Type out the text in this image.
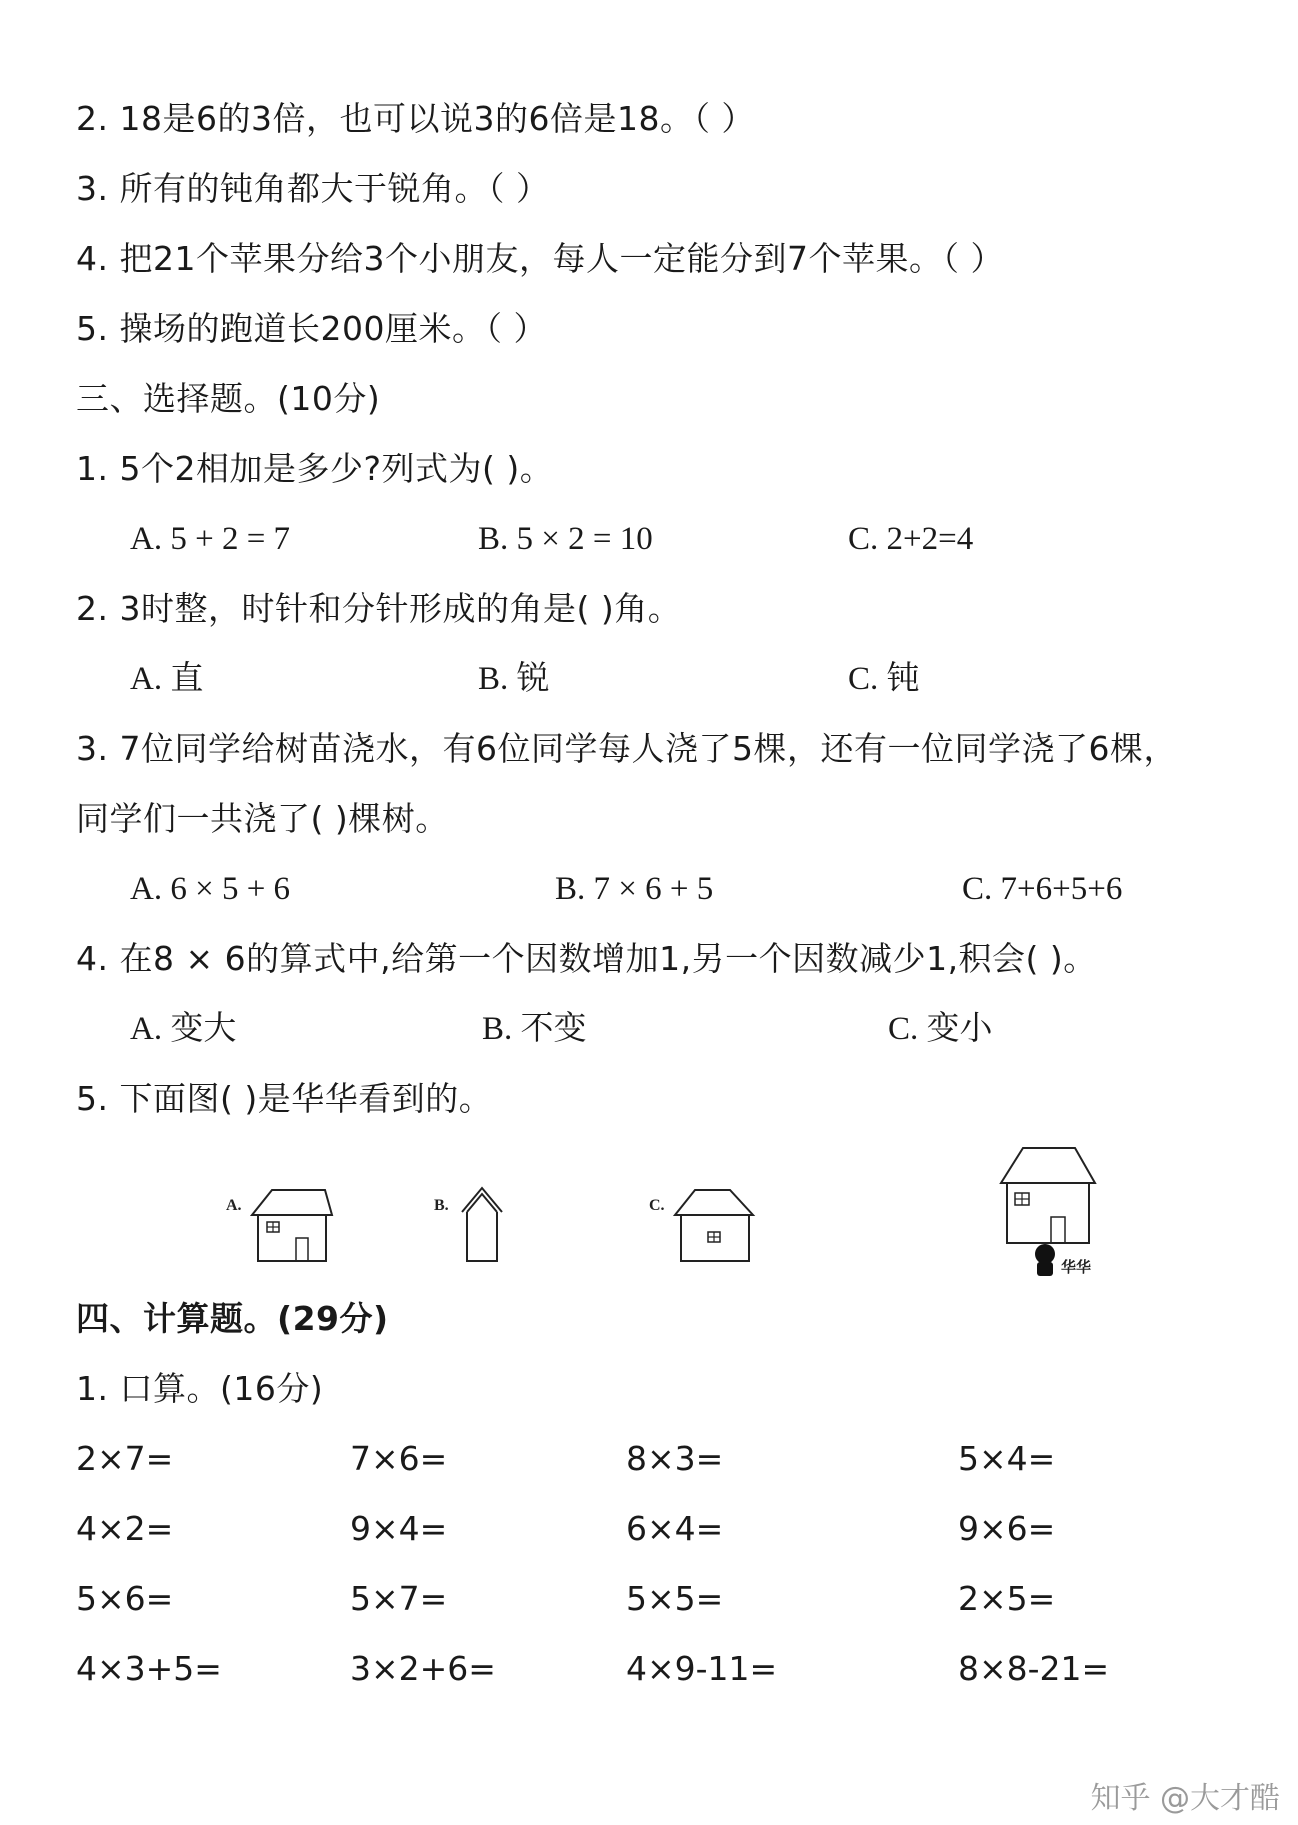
2. 18是6的3倍，也可以说3的6倍是18。（ ）
3. 所有的钝角都大于锐角。（ ）
4. 把21个苹果分给3个小朋友，每人一定能分到7个苹果。（ ）
5. 操场的跑道长200厘米。（ ）
三、选择题。(10分)
1. 5个2相加是多少?列式为( )。
A. 5 + 2 = 7	B. 5 × 2 = 10	C. 2+2=4
2. 3时整，时针和分针形成的角是( )角。
A. 直	B. 锐	C. 钝
3. 7位同学给树苗浇水，有6位同学每人浇了5棵，还有一位同学浇了6棵，
同学们一共浇了( )棵树。
A. 6 × 5 + 6	B. 7 × 6 + 5	C. 7+6+5+6
4. 在8 × 6的算式中,给第一个因数增加1,另一个因数减少1,积会( )。
A. 变大	B. 不变	C. 变小
5. 下面图( )是华华看到的。
A.	B.	C.
华华
四、计算题。(29分)
1. 口算。(16分)
2×7=	7×6=	8×3=	5×4=
4×2=	9×4=	6×4=	9×6=
5×6=	5×7=	5×5=	2×5=
4×3+5=	3×2+6=	4×9-11=	8×8-21=
知乎 @大才酷
